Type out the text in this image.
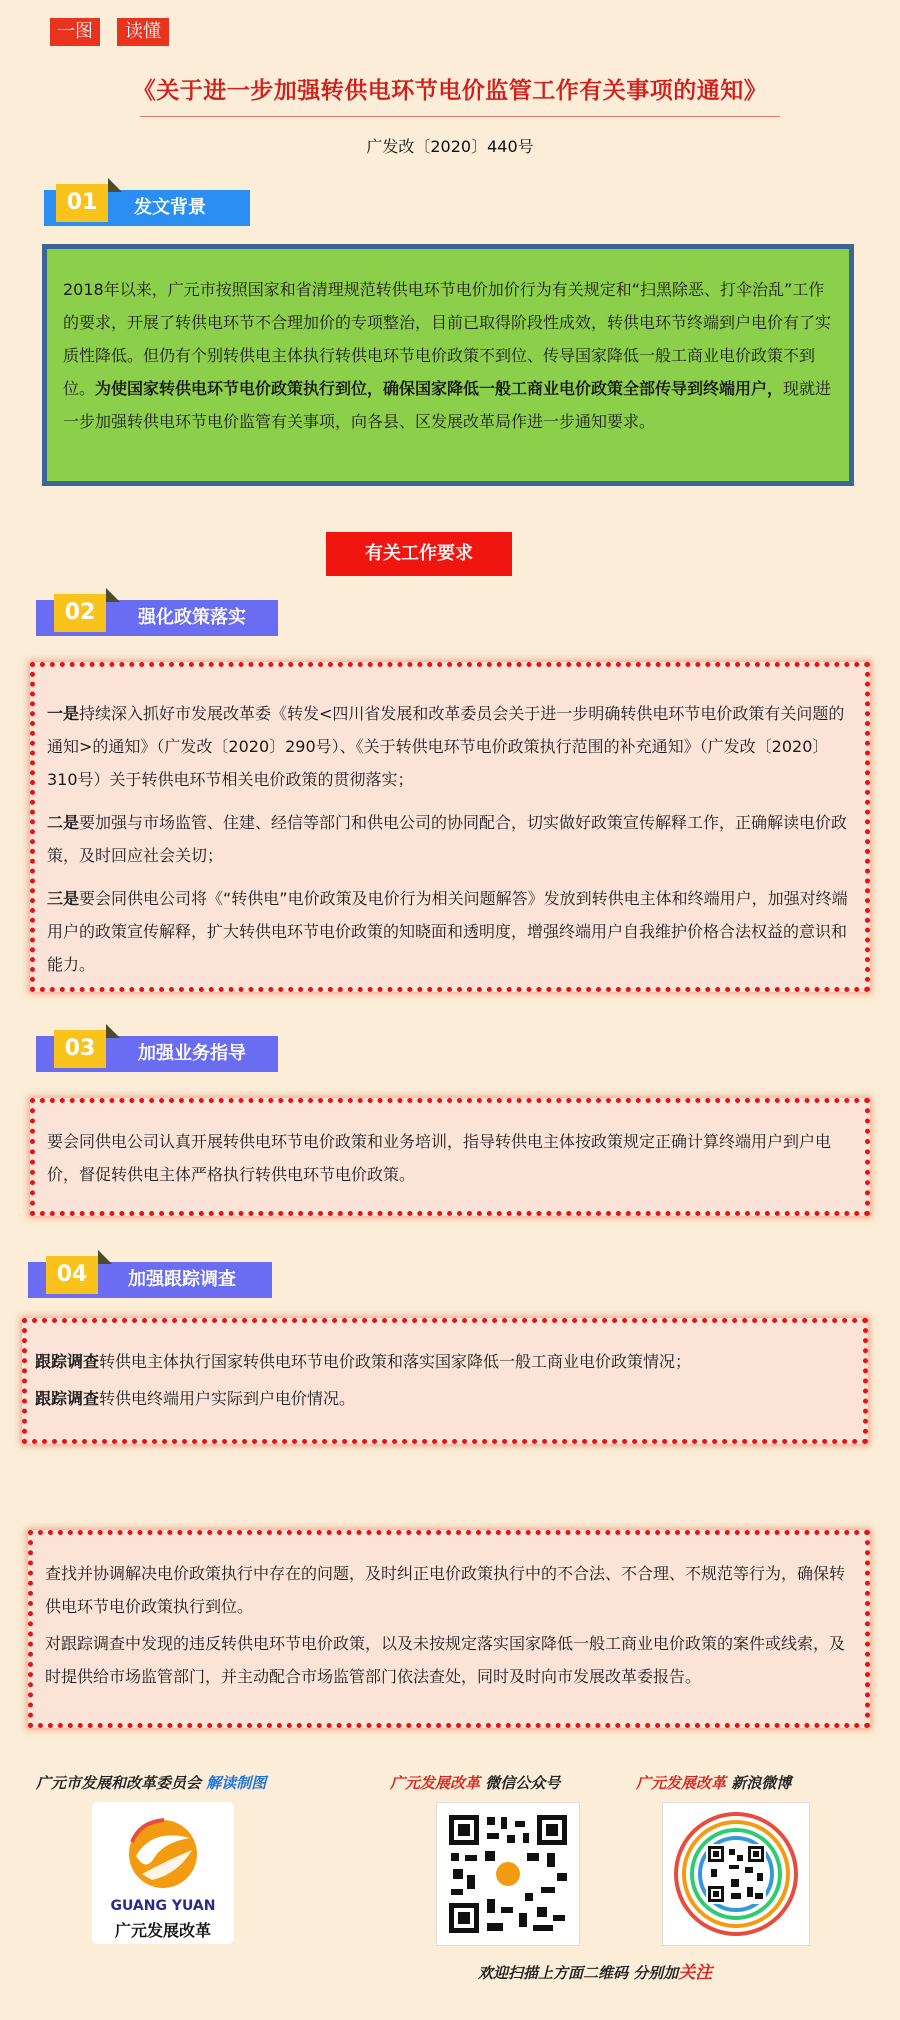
一图	读懂
《关于进一步加强转供电环节电价监管工作有关事项的通知》
广发改〔2020〕440号
01	发文背景
2018年以来，广元市按照国家和省清理规范转供电环节电价加价行为有关规定和“扫黑除恶、打伞治乱”工作的要求，开展了转供电环节不合理加价的专项整治，目前已取得阶段性成效，转供电环节终端到户电价有了实质性降低。但仍有个别转供电主体执行转供电环节电价政策不到位、传导国家降低一般工商业电价政策不到位。为使国家转供电环节电价政策执行到位，确保国家降低一般工商业电价政策全部传导到终端用户，现就进一步加强转供电环节电价监管有关事项，向各县、区发展改革局作进一步通知要求。
有关工作要求
02	强化政策落实

一是持续深入抓好市发展改革委《转发<四川省发展和改革委员会关于进一步明确转供电环节电价政策有关问题的通知>的通知》（广发改〔2020〕290号）、《关于转供电环节电价政策执行范围的补充通知》（广发改〔2020〕310号）关于转供电环节相关电价政策的贯彻落实；

二是要加强与市场监管、住建、经信等部门和供电公司的协同配合，切实做好政策宣传解释工作，正确解读电价政策，及时回应社会关切；

三是要会同供电公司将《“转供电”电价政策及电价行为相关问题解答》发放到转供电主体和终端用户，加强对终端用户的政策宣传解释，扩大转供电环节电价政策的知晓面和透明度，增强终端用户自我维护价格合法权益的意识和能力。

03	加强业务指导

要会同供电公司认真开展转供电环节电价政策和业务培训，指导转供电主体按政策规定正确计算终端用户到户电价，督促转供电主体严格执行转供电环节电价政策。

04	加强跟踪调查

跟踪调查转供电主体执行国家转供电环节电价政策和落实国家降低一般工商业电价政策情况；

跟踪调查转供电终端用户实际到户电价情况。

查找并协调解决电价政策执行中存在的问题，及时纠正电价政策执行中的不合法、不合理、不规范等行为，确保转供电环节电价政策执行到位。

对跟踪调查中发现的违反转供电环节电价政策，以及未按规定落实国家降低一般工商业电价政策的案件或线索，及时提供给市场监管部门，并主动配合市场监管部门依法查处，同时及时向市发展改革委报告。

广元市发展和改革委员会 解读制图	广元发展改革 微信公众号	广元发展改革 新浪微博
GUANG YUAN
广元发展改革
欢迎扫描上方面二维码 分别加关注
